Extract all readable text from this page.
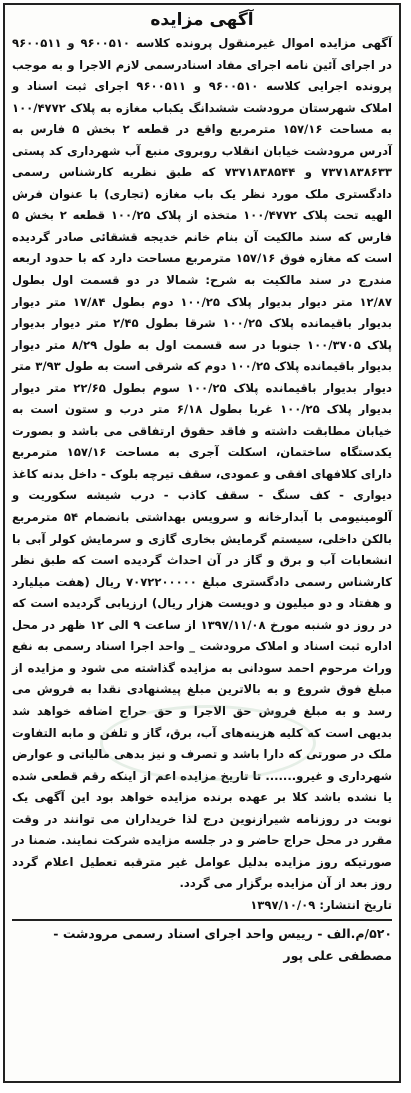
آگهی مزایده

آگهی مزایده اموال غیرمنقول پرونده کلاسه ۹۶۰۰۵۱۰ و ۹۶۰۰۵۱۱ در اجرای آئین نامه اجرای مفاد اسنادرسمی لازم الاجرا و به موجب پرونده اجرایی کلاسه ۹۶۰۰۵۱۰ و ۹۶۰۰۵۱۱ اجرای ثبت اسناد و املاک شهرستان مرودشت ششدانگ یکباب مغازه به پلاک ۱۰۰/۴۷۷۲ به مساحت ۱۵۷/۱۶ مترمربع واقع در قطعه ۲ بخش ۵ فارس به آدرس مرودشت خیابان انقلاب روبروی منبع آب شهرداری کد پستی ۷۳۷۱۸۳۸۶۳۳ و ۷۳۷۱۸۳۸۵۴۴ که طبق نظریه کارشناس رسمی دادگستری ملک مورد نظر یک باب مغازه (تجاری) با عنوان فرش الهیه تحت پلاک ۱۰۰/۴۷۷۲ متخذه از پلاک ۱۰۰/۲۵ قطعه ۲ بخش ۵ فارس که سند مالکیت آن بنام خانم خدیجه قشقائی صادر گردیده است که مغازه فوق ۱۵۷/۱۶ مترمربع مساحت دارد که با حدود اربعه مندرج در سند مالکیت به شرح: شمالا در دو قسمت اول بطول ۱۲/۸۷ متر دیوار بدیوار پلاک ۱۰۰/۲۵ دوم بطول ۱۷/۸۴ متر دیوار بدیوار باقیمانده پلاک ۱۰۰/۲۵ شرقا بطول ۲/۴۵ متر دیوار بدیوار پلاک ۱۰۰/۳۷۰۵ جنوبا در سه قسمت اول به طول ۸/۲۹ متر دیوار بدیوار باقیمانده پلاک ۱۰۰/۲۵ دوم که شرقی است به طول ۳/۹۳ متر دیوار بدیوار باقیمانده پلاک ۱۰۰/۲۵ سوم بطول ۲۲/۶۵ متر دیوار بدیوار پلاک ۱۰۰/۲۵ غربا بطول ۶/۱۸ متر درب و ستون است به خیابان مطابقت داشته و فاقد حقوق ارتفاقی می باشد و بصورت یکدستگاه ساختمان، اسکلت آجری به مساحت ۱۵۷/۱۶ مترمربع دارای کلافهای افقی و عمودی، سقف تیرچه بلوک - داخل بدنه کاغذ دیواری - کف سنگ - سقف کاذب - درب شیشه سکوریت و آلومینیومی با آبدارخانه و سرویس بهداشتی بانضمام ۵۴ مترمربع بالکن داخلی، سیستم گرمایش بخاری گازی و سرمایش کولر آبی با انشعابات آب و برق و گاز در آن احداث گردیده است که طبق نظر کارشناس رسمی دادگستری مبلغ ۷۰۷۲۲۰۰۰۰۰ ریال (هفت میلیارد و هفتاد و دو میلیون و دویست هزار ریال) ارزیابی گردیده است که در روز دو شنبه مورخ ۱۳۹۷/۱۱/۰۸ از ساعت ۹ الی ۱۲ ظهر در محل اداره ثبت اسناد و املاک مرودشت _ واحد اجرا اسناد رسمی به نفع وراث مرحوم احمد سودانی به مزایده گذاشته می شود و مزایده از مبلغ فوق شروع و به بالاترین مبلغ پیشنهادی نقدا به فروش می رسد و به مبلغ فروش حق الاجرا و حق حراج اضافه خواهد شد بدیهی است که کلیه هزینه‌های آب، برق، گاز و تلفن و مابه التفاوت ملک در صورتی که دارا باشد و تصرف و نیز بدهی مالیاتی و عوارض شهرداری و غیرو....... تا تاریخ مزایده اعم از اینکه رقم قطعی شده یا نشده باشد کلا بر عهده برنده مزایده خواهد بود این آگهی یک نوبت در روزنامه شیرازنوین درج لذا خریداران می توانند در وقت مقرر در محل حراج حاضر و در جلسه مزایده شرکت نمایند. ضمنا در صورتیکه روز مزایده بدلیل عوامل غیر مترقبه تعطیل اعلام گردد روز بعد از آن مزایده برگزار می گردد.

تاریخ انتشار: ۱۳۹۷/۱۰/۰۹

۵۲۰/م.الف - رییس واحد اجرای اسناد رسمی مرودشت - مصطفی علی پور
